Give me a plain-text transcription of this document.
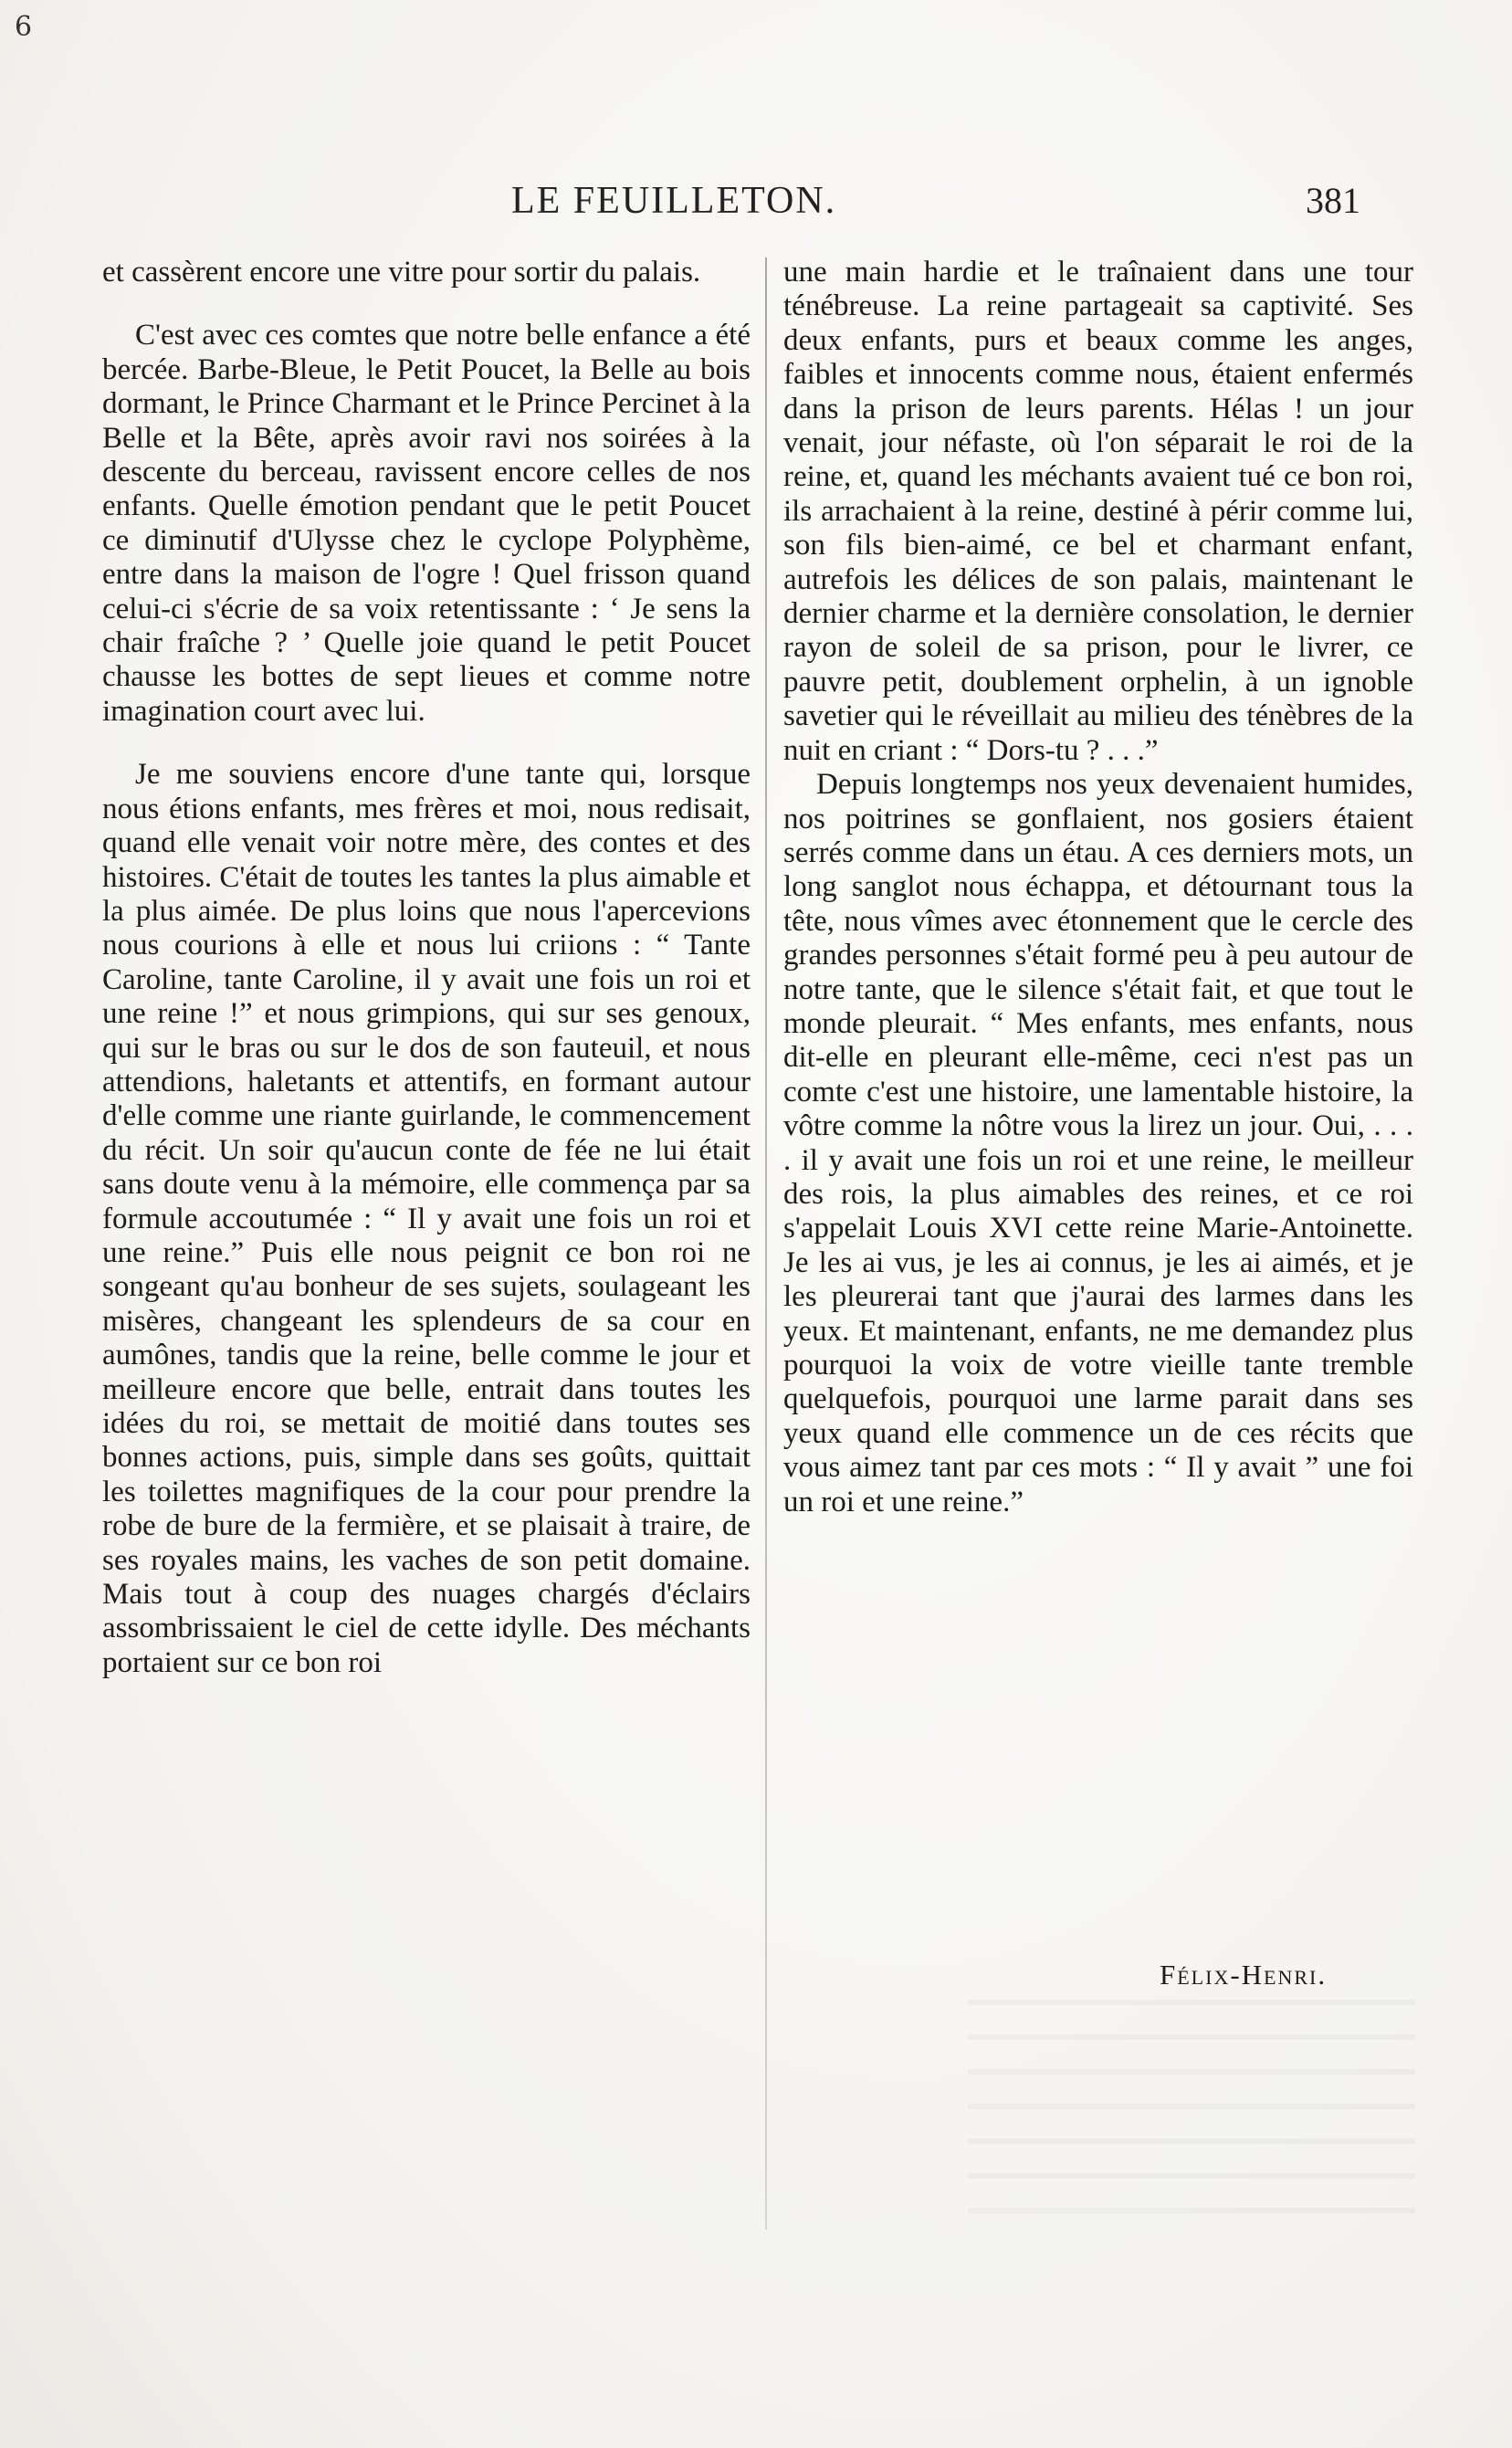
6
LE FEUILLETON.	381

et cassèrent encore une vitre pour sortir du palais.

C'est avec ces comtes que notre belle enfance a été bercée. Barbe-Bleue, le Petit Poucet, la Belle au bois dormant, le Prince Charmant et le Prince Percinet à la Belle et la Bête, après avoir ravi nos soirées à la descente du berceau, ravissent encore celles de nos enfants. Quelle émotion pendant que le petit Poucet ce diminutif d'Ulysse chez le cyclope Polyphème, entre dans la maison de l'ogre ! Quel frisson quand celui-ci s'écrie de sa voix retentissante : ‘ Je sens la chair fraîche ? ’ Quelle joie quand le petit Poucet chausse les bottes de sept lieues et comme notre imagination court avec lui.

Je me souviens encore d'une tante qui, lorsque nous étions enfants, mes frères et moi, nous redisait, quand elle venait voir notre mère, des contes et des histoires. C'était de toutes les tantes la plus aimable et la plus aimée. De plus loins que nous l'apercevions nous courions à elle et nous lui criions : “ Tante Caroline, tante Caroline, il y avait une fois un roi et une reine !” et nous grimpions, qui sur ses genoux, qui sur le bras ou sur le dos de son fauteuil, et nous attendions, haletants et attentifs, en formant autour d'elle comme une riante guirlande, le commencement du récit. Un soir qu'aucun conte de fée ne lui était sans doute venu à la mémoire, elle commença par sa formule accoutumée : “ Il y avait une fois un roi et une reine.” Puis elle nous peignit ce bon roi ne songeant qu'au bonheur de ses sujets, soulageant les misères, changeant les splendeurs de sa cour en aumônes, tandis que la reine, belle comme le jour et meilleure encore que belle, entrait dans toutes les idées du roi, se mettait de moitié dans toutes ses bonnes actions, puis, simple dans ses goûts, quittait les toilettes magnifiques de la cour pour prendre la robe de bure de la fermière, et se plaisait à traire, de ses royales mains, les vaches de son petit domaine. Mais tout à coup des nuages chargés d'éclairs assombrissaient le ciel de cette idylle. Des méchants portaient sur ce bon roi

une main hardie et le traînaient dans une tour ténébreuse. La reine partageait sa captivité. Ses deux enfants, purs et beaux comme les anges, faibles et innocents comme nous, étaient enfermés dans la prison de leurs parents. Hélas ! un jour venait, jour néfaste, où l'on séparait le roi de la reine, et, quand les méchants avaient tué ce bon roi, ils arrachaient à la reine, destiné à périr comme lui, son fils bien-aimé, ce bel et charmant enfant, autrefois les délices de son palais, maintenant le dernier charme et la dernière consolation, le dernier rayon de soleil de sa prison, pour le livrer, ce pauvre petit, doublement orphelin, à un ignoble savetier qui le réveillait au milieu des ténèbres de la nuit en criant : “ Dors-tu ? . . .”

Depuis longtemps nos yeux devenaient humides, nos poitrines se gonflaient, nos gosiers étaient serrés comme dans un étau. A ces derniers mots, un long sanglot nous échappa, et détournant tous la tête, nous vîmes avec étonnement que le cercle des grandes personnes s'était formé peu à peu autour de notre tante, que le silence s'était fait, et que tout le monde pleurait. “ Mes enfants, mes enfants, nous dit-elle en pleurant elle-même, ceci n'est pas un comte c'est une histoire, une lamentable histoire, la vôtre comme la nôtre vous la lirez un jour. Oui, . . . . il y avait une fois un roi et une reine, le meilleur des rois, la plus aimables des reines, et ce roi s'appelait Louis XVI cette reine Marie-Antoinette. Je les ai vus, je les ai connus, je les ai aimés, et je les pleurerai tant que j'aurai des larmes dans les yeux. Et maintenant, enfants, ne me demandez plus pourquoi la voix de votre vieille tante tremble quelquefois, pourquoi une larme parait dans ses yeux quand elle commence un de ces récits que vous aimez tant par ces mots : “ Il y avait ” une foi un roi et une reine.”

Félix-Henri.
